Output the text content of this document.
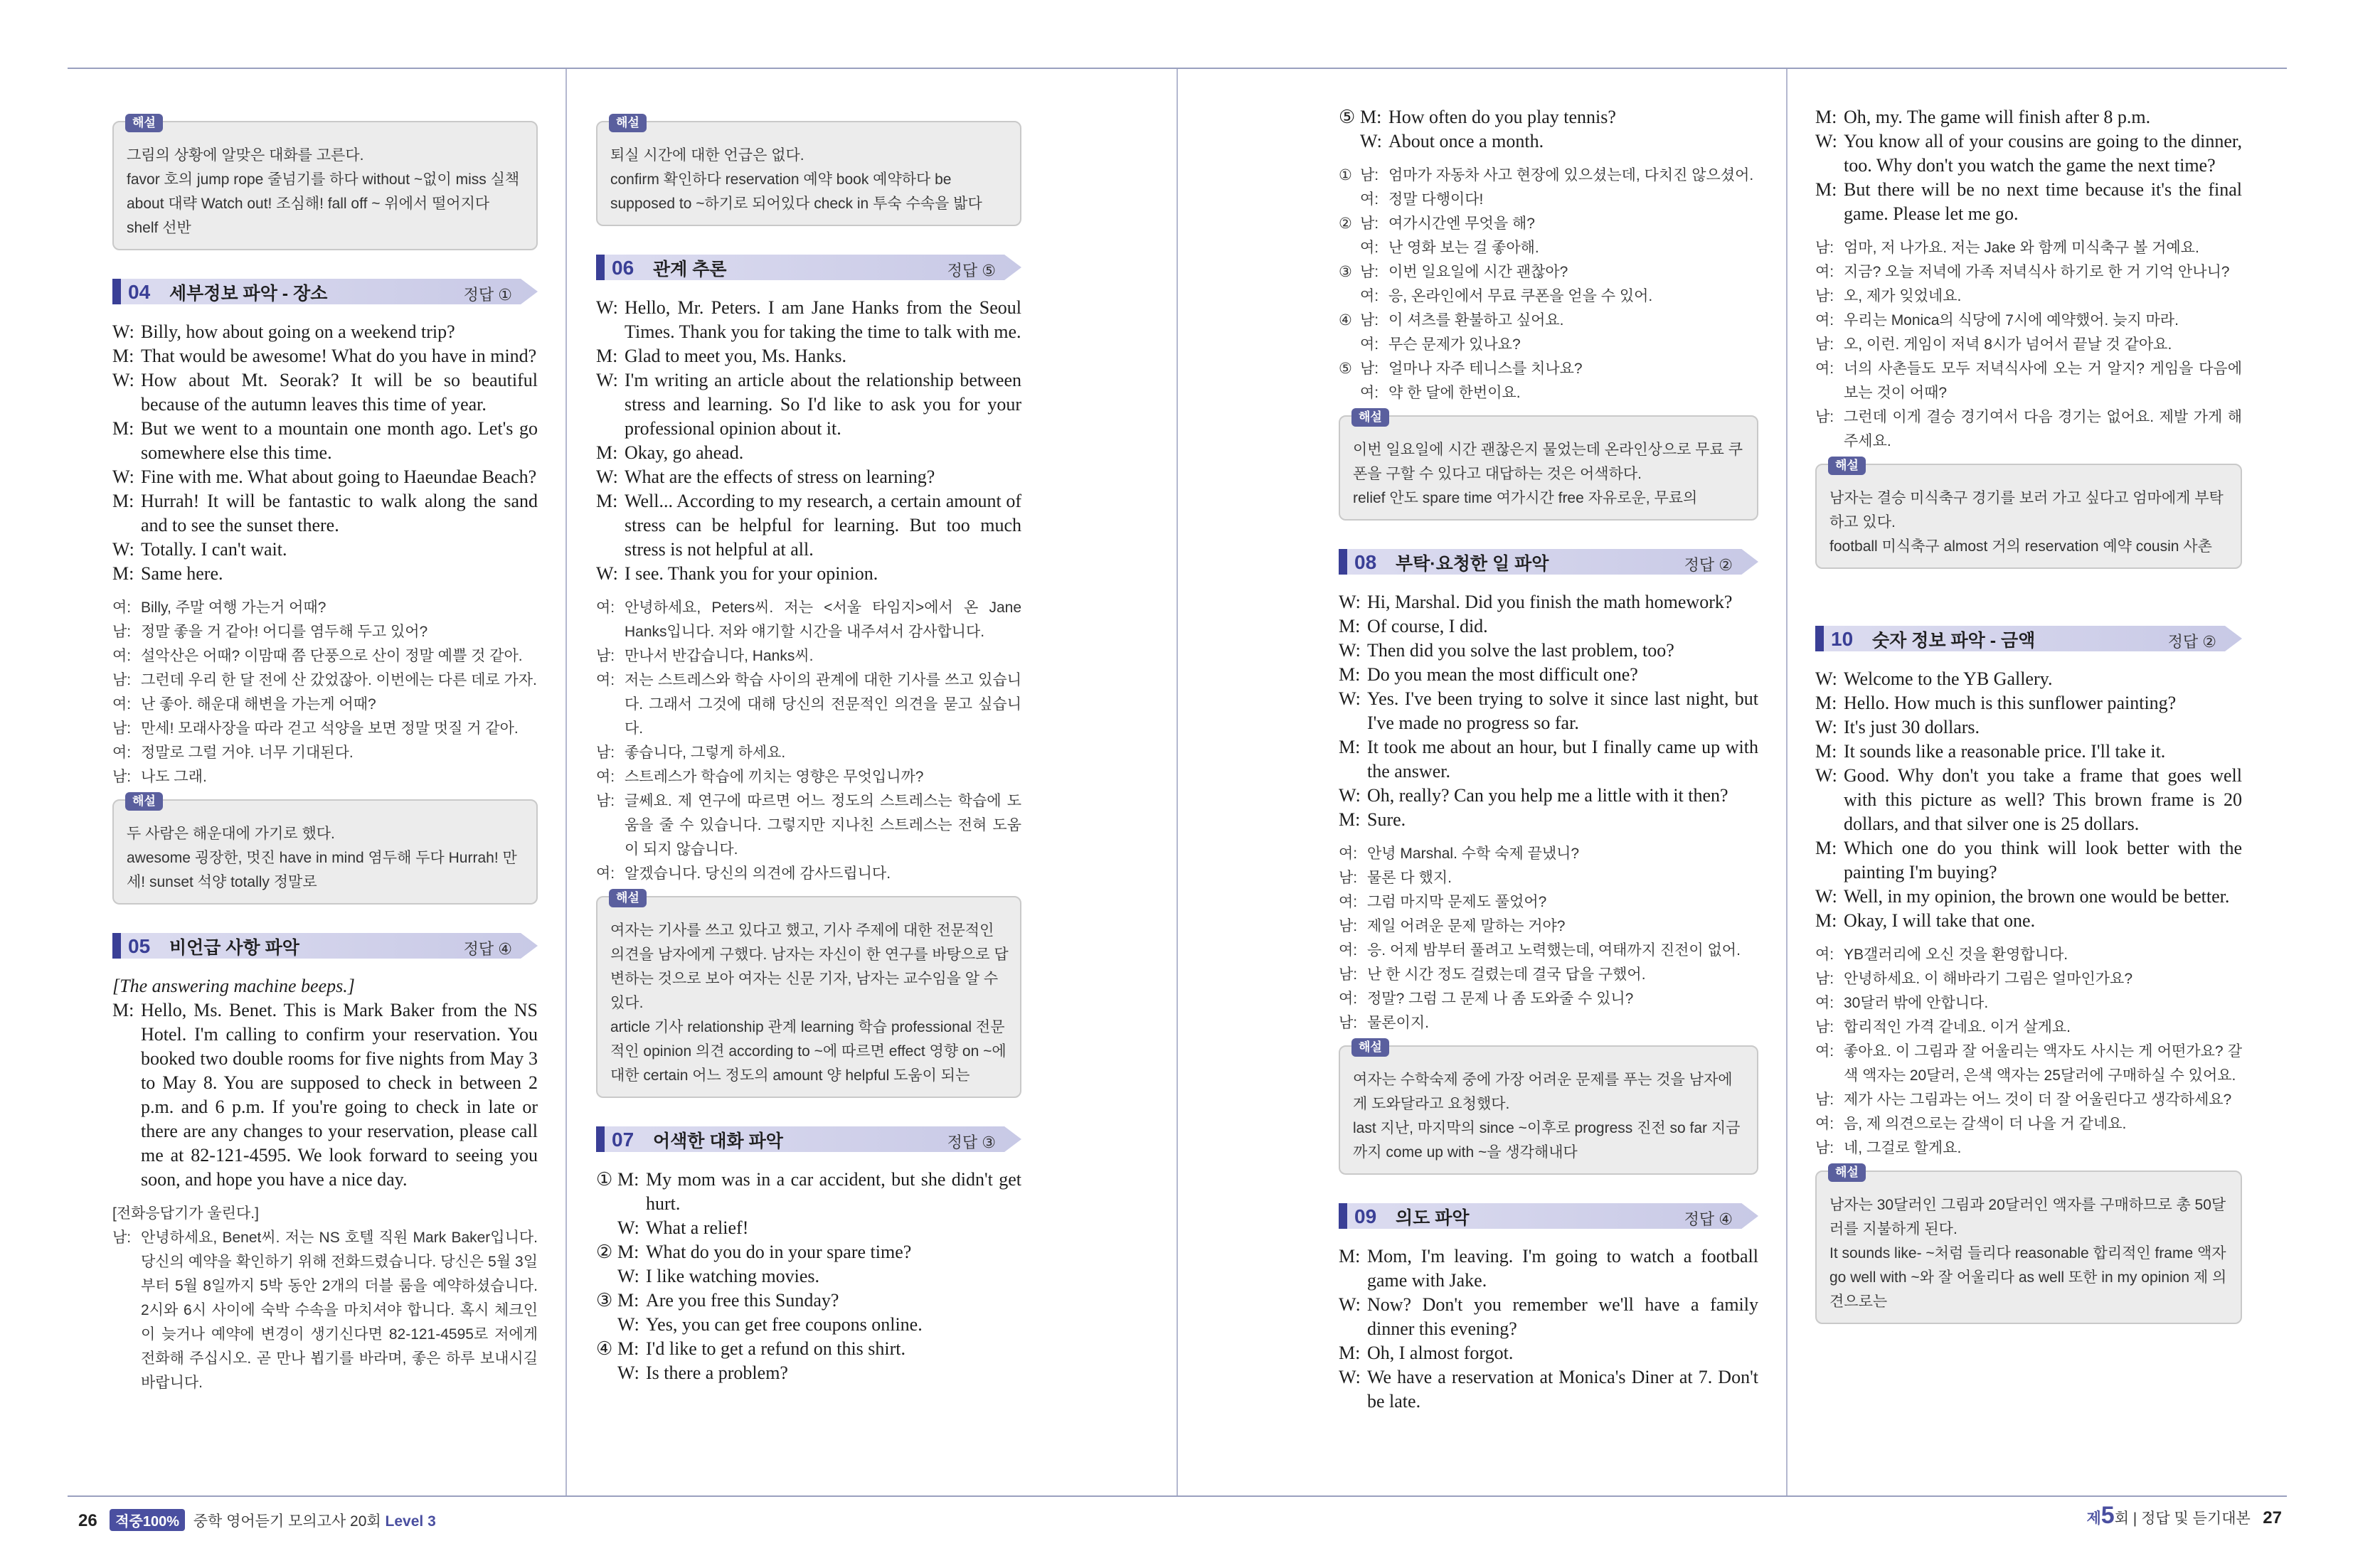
해설

그림의 상황에 알맞은 대화를 고른다.

favor 호의 jump rope 줄넘기를 하다 without ~없이 miss 실책 about 대략 Watch out! 조심해! fall off ~ 위에서 떨어지다 shelf 선반

04 세부정보 파악 - 장소	정답 ①

W: Billy, how about going on a weekend trip?

M: That would be awesome! What do you have in mind?

W: How about Mt. Seorak? It will be so beautiful because of the autumn leaves this time of year.

M: But we went to a mountain one month ago. Let's go somewhere else this time.

W: Fine with me. What about going to Haeundae Beach?

M: Hurrah! It will be fantastic to walk along the sand and to see the sunset there.

W: Totally. I can't wait.

M: Same here.

여: Billy, 주말 여행 가는거 어때?

남: 정말 좋을 거 같아! 어디를 염두해 두고 있어?

여: 설악산은 어때? 이맘때 쯤 단풍으로 산이 정말 예쁠 것 같아.

남: 그런데 우리 한 달 전에 산 갔었잖아. 이번에는 다른 데로 가자.

여: 난 좋아. 해운대 해변을 가는게 어때?

남: 만세! 모래사장을 따라 걷고 석양을 보면 정말 멋질 거 같아.

여: 정말로 그럴 거야. 너무 기대된다.

남: 나도 그래.

해설

두 사람은 해운대에 가기로 했다.

awesome 굉장한, 멋진 have in mind 염두해 두다 Hurrah! 만세! sunset 석양 totally 정말로

05 비언급 사항 파악	정답 ④

[The answering machine beeps.]

M: Hello, Ms. Benet. This is Mark Baker from the NS Hotel. I'm calling to confirm your reservation. You booked two double rooms for five nights from May 3 to May 8. You are supposed to check in between 2 p.m. and 6 p.m. If you're going to check in late or there are any changes to your reservation, please call me at 82-121-4595. We look forward to seeing you soon, and hope you have a nice day.

[전화응답기가 울린다.]

남: 안녕하세요, Benet씨. 저는 NS 호텔 직원 Mark Baker입니다. 당신의 예약을 확인하기 위해 전화드렸습니다. 당신은 5월 3일부터 5월 8일까지 5박 동안 2개의 더블 룸을 예약하셨습니다. 2시와 6시 사이에 숙박 수속을 마치셔야 합니다. 혹시 체크인이 늦거나 예약에 변경이 생기신다면 82-121-4595로 저에게 전화해 주십시오. 곧 만나 뵙기를 바라며, 좋은 하루 보내시길 바랍니다.

해설

퇴실 시간에 대한 언급은 없다.

confirm 확인하다 reservation 예약 book 예약하다 be supposed to ~하기로 되어있다 check in 투숙 수속을 밟다

06 관계 추론	정답 ⑤

W: Hello, Mr. Peters. I am Jane Hanks from the Seoul Times. Thank you for taking the time to talk with me.

M: Glad to meet you, Ms. Hanks.

W: I'm writing an article about the relationship between stress and learning. So I'd like to ask you for your professional opinion about it.

M: Okay, go ahead.

W: What are the effects of stress on learning?

M: Well... According to my research, a certain amount of stress can be helpful for learning. But too much stress is not helpful at all.

W: I see. Thank you for your opinion.

여: 안녕하세요, Peters씨. 저는 <서울 타임지>에서 온 Jane Hanks입니다. 저와 얘기할 시간을 내주셔서 감사합니다.

남: 만나서 반갑습니다, Hanks씨.

여: 저는 스트레스와 학습 사이의 관계에 대한 기사를 쓰고 있습니다. 그래서 그것에 대해 당신의 전문적인 의견을 묻고 싶습니다.

남: 좋습니다, 그렇게 하세요.

여: 스트레스가 학습에 끼치는 영향은 무엇입니까?

남: 글쎄요. 제 연구에 따르면 어느 정도의 스트레스는 학습에 도움을 줄 수 있습니다. 그렇지만 지나친 스트레스는 전혀 도움이 되지 않습니다.

여: 알겠습니다. 당신의 의견에 감사드립니다.

해설

여자는 기사를 쓰고 있다고 했고, 기사 주제에 대한 전문적인 의견을 남자에게 구했다. 남자는 자신이 한 연구를 바탕으로 답변하는 것으로 보아 여자는 신문 기자, 남자는 교수임을 알 수 있다.

article 기사 relationship 관계 learning 학습 professional 전문적인 opinion 의견 according to ~에 따르면 effect 영향 on ~에 대한 certain 어느 정도의 amount 양 helpful 도움이 되는

07 어색한 대화 파악	정답 ③

① M: My mom was in a car accident, but she didn't get hurt.

W: What a relief!

② M: What do you do in your spare time?

W: I like watching movies.

③ M: Are you free this Sunday?

W: Yes, you can get free coupons online.

④ M: I'd like to get a refund on this shirt.

W: Is there a problem?

⑤ M: How often do you play tennis?

W: About once a month.

① 남: 엄마가 자동차 사고 현장에 있으셨는데, 다치진 않으셨어.

여: 정말 다행이다!

② 남: 여가시간엔 무엇을 해?

여: 난 영화 보는 걸 좋아해.

③ 남: 이번 일요일에 시간 괜찮아?

여: 응, 온라인에서 무료 쿠폰을 얻을 수 있어.

④ 남: 이 셔츠를 환불하고 싶어요.

여: 무슨 문제가 있나요?

⑤ 남: 얼마나 자주 테니스를 치나요?

여: 약 한 달에 한번이요.

해설

이번 일요일에 시간 괜찮은지 물었는데 온라인상으로 무료 쿠폰을 구할 수 있다고 대답하는 것은 어색하다.

relief 안도 spare time 여가시간 free 자유로운, 무료의

08 부탁·요청한 일 파악	정답 ②

W: Hi, Marshal. Did you finish the math homework?

M: Of course, I did.

W: Then did you solve the last problem, too?

M: Do you mean the most difficult one?

W: Yes. I've been trying to solve it since last night, but I've made no progress so far.

M: It took me about an hour, but I finally came up with the answer.

W: Oh, really? Can you help me a little with it then?

M: Sure.

여: 안녕 Marshal. 수학 숙제 끝냈니?

남: 물론 다 했지.

여: 그럼 마지막 문제도 풀었어?

남: 제일 어려운 문제 말하는 거야?

여: 응. 어제 밤부터 풀려고 노력했는데, 여태까지 진전이 없어.

남: 난 한 시간 정도 걸렸는데 결국 답을 구했어.

여: 정말? 그럼 그 문제 나 좀 도와줄 수 있니?

남: 물론이지.

해설

여자는 수학숙제 중에 가장 어려운 문제를 푸는 것을 남자에게 도와달라고 요청했다.

last 지난, 마지막의 since ~이후로 progress 진전 so far 지금까지 come up with ~을 생각해내다

09 의도 파악	정답 ④

M: Mom, I'm leaving. I'm going to watch a football game with Jake.

W: Now? Don't you remember we'll have a family dinner this evening?

M: Oh, I almost forgot.

W: We have a reservation at Monica's Diner at 7. Don't be late.

M: Oh, my. The game will finish after 8 p.m.

W: You know all of your cousins are going to the dinner, too. Why don't you watch the game the next time?

M: But there will be no next time because it's the final game. Please let me go.

남: 엄마, 저 나가요. 저는 Jake 와 함께 미식축구 볼 거예요.

여: 지금? 오늘 저녁에 가족 저녁식사 하기로 한 거 기억 안나니?

남: 오, 제가 잊었네요.

여: 우리는 Monica의 식당에 7시에 예약했어. 늦지 마라.

남: 오, 이런. 게임이 저녁 8시가 넘어서 끝날 것 같아요.

여: 너의 사촌들도 모두 저녁식사에 오는 거 알지? 게임을 다음에 보는 것이 어때?

남: 그런데 이게 결승 경기여서 다음 경기는 없어요. 제발 가게 해 주세요.

해설

남자는 결승 미식축구 경기를 보러 가고 싶다고 엄마에게 부탁하고 있다.

football 미식축구 almost 거의 reservation 예약 cousin 사촌

10 숫자 정보 파악 - 금액	정답 ②

W: Welcome to the YB Gallery.

M: Hello. How much is this sunflower painting?

W: It's just 30 dollars.

M: It sounds like a reasonable price. I'll take it.

W: Good. Why don't you take a frame that goes well with this picture as well? This brown frame is 20 dollars, and that silver one is 25 dollars.

M: Which one do you think will look better with the painting I'm buying?

W: Well, in my opinion, the brown one would be better.

M: Okay, I will take that one.

여: YB갤러리에 오신 것을 환영합니다.

남: 안녕하세요. 이 해바라기 그림은 얼마인가요?

여: 30달러 밖에 안합니다.

남: 합리적인 가격 같네요. 이거 살게요.

여: 좋아요. 이 그림과 잘 어울리는 액자도 사시는 게 어떤가요? 갈색 액자는 20달러, 은색 액자는 25달러에 구매하실 수 있어요.

남: 제가 사는 그림과는 어느 것이 더 잘 어울린다고 생각하세요?

여: 음, 제 의견으로는 갈색이 더 나을 거 같네요.

남: 네, 그걸로 할게요.

해설

남자는 30달러인 그림과 20달러인 액자를 구매하므로 총 50달러를 지불하게 된다.

It sounds like- ~처럼 들리다 reasonable 합리적인 frame 액자 go well with ~와 잘 어울리다 as well 또한 in my opinion 제 의견으로는

26 적중100% 중학 영어듣기 모의고사 20회 Level 3	제5회 | 정답 및 듣기대본 27
